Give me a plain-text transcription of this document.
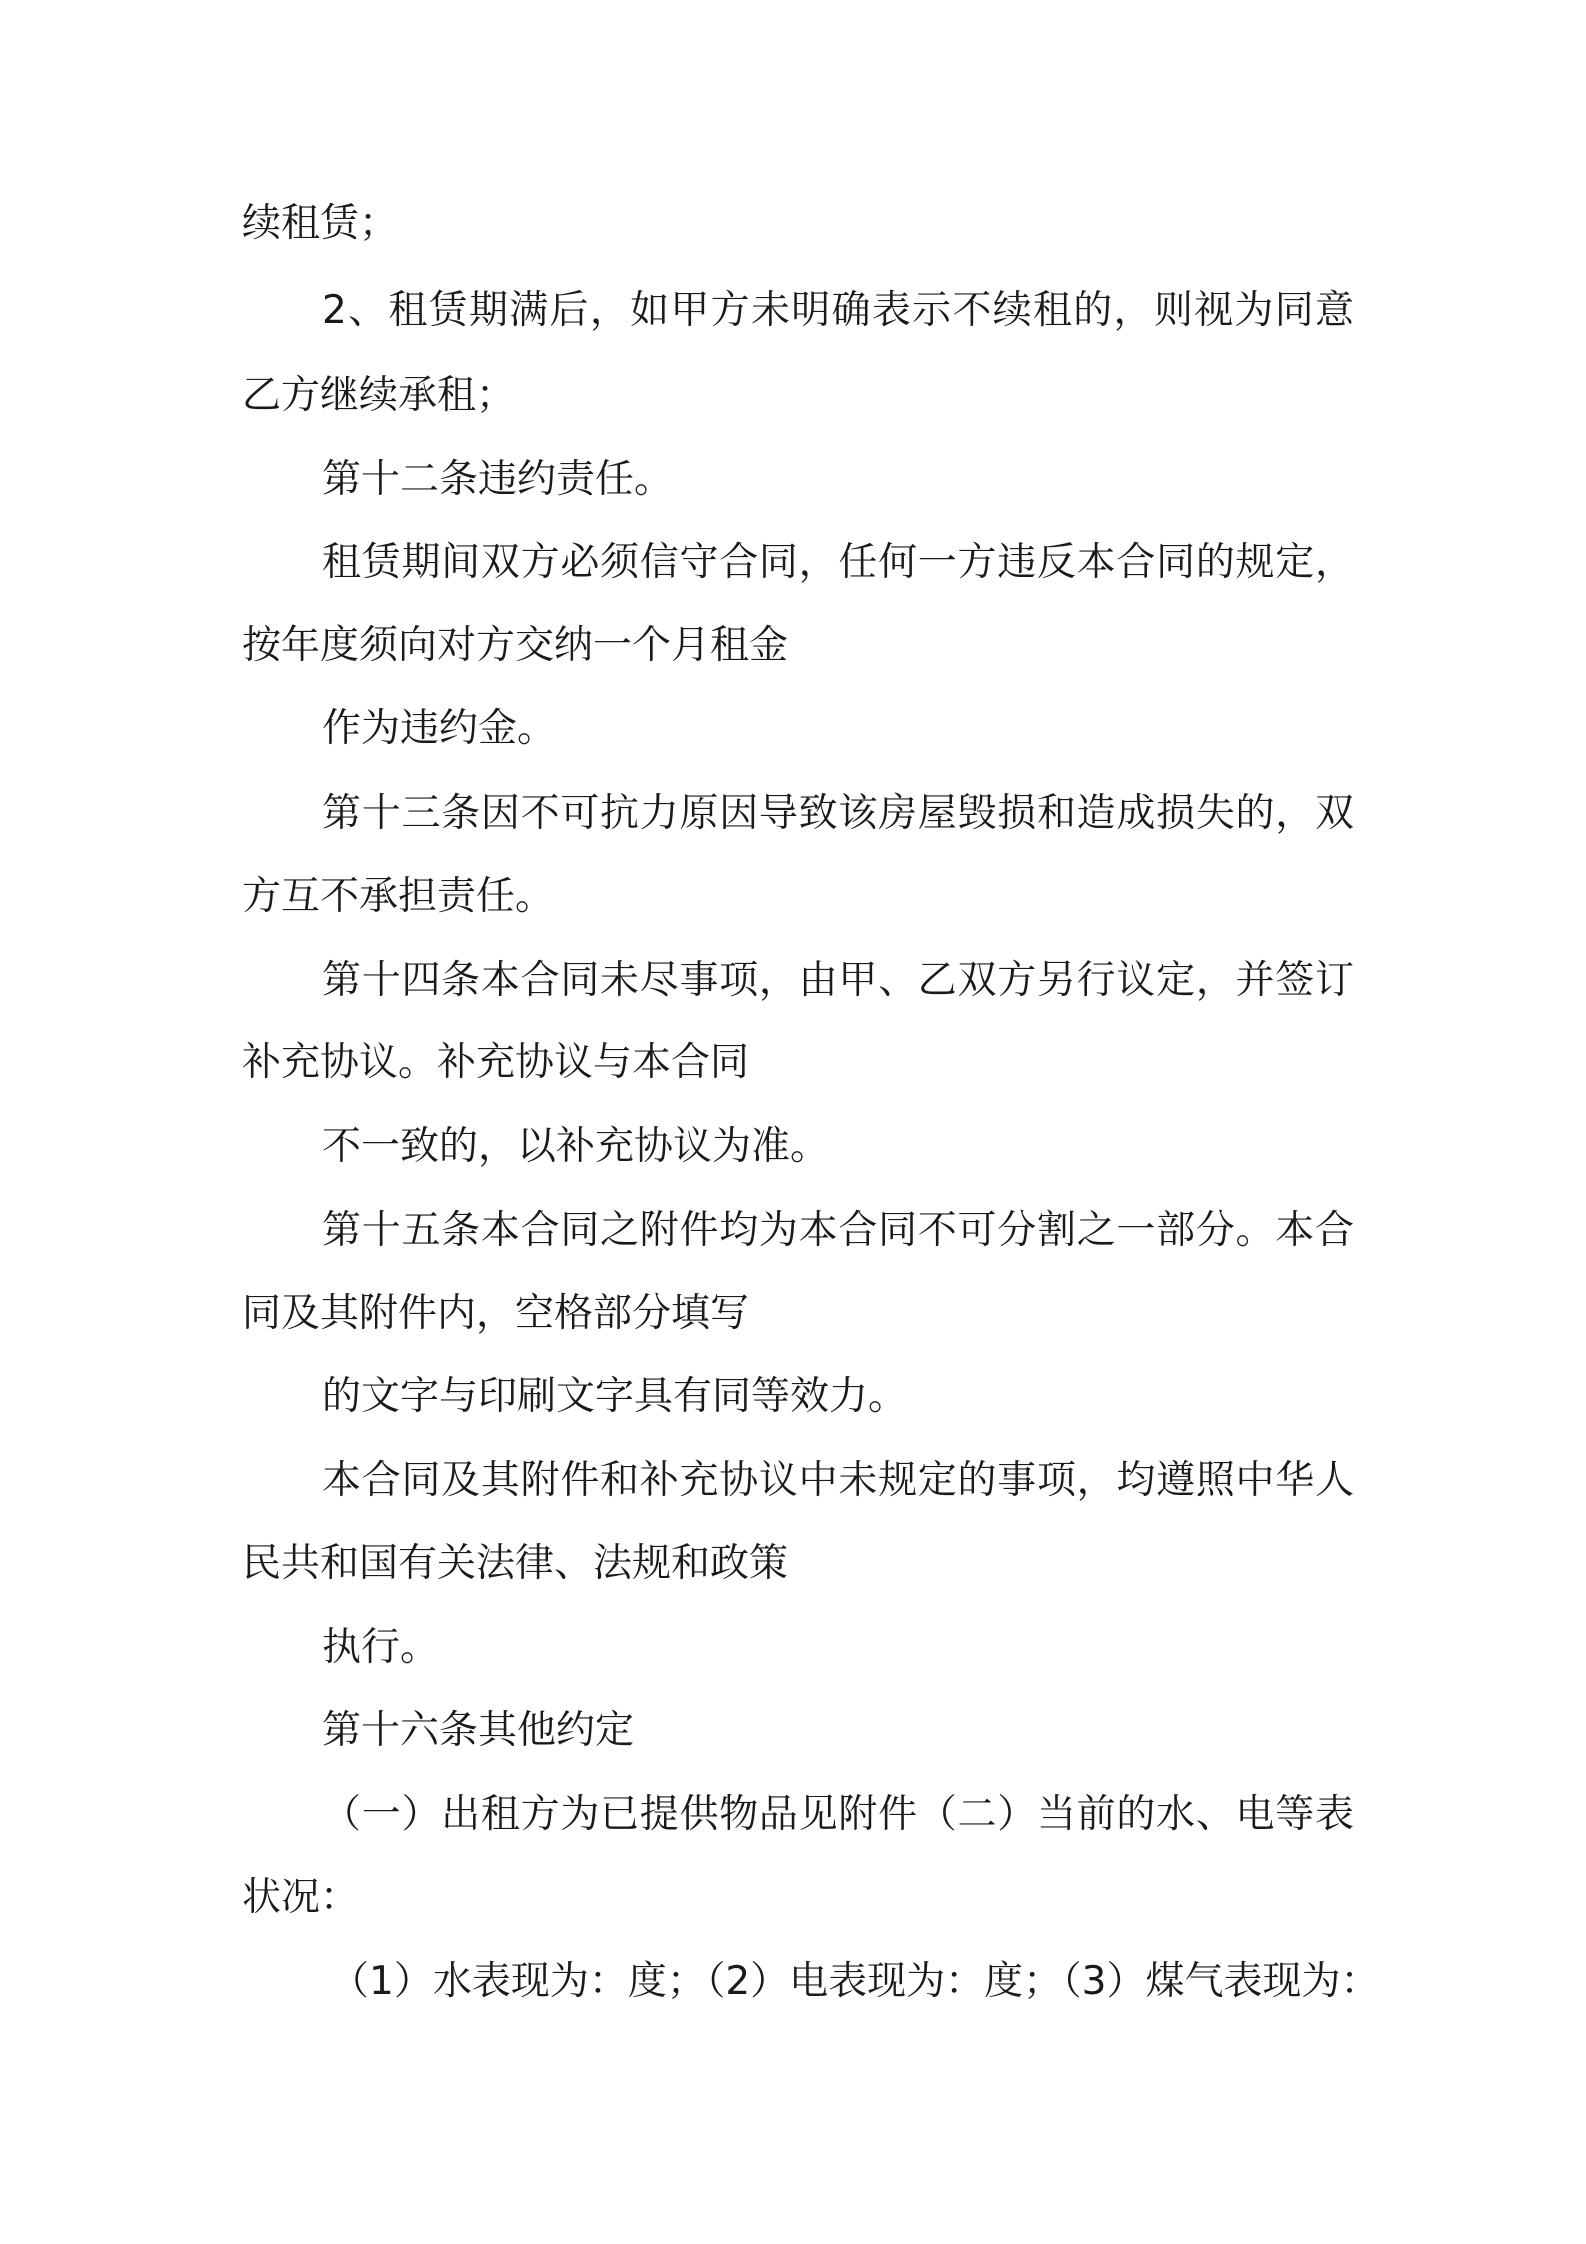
续租赁；
2、租赁期满后，如甲方未明确表示不续租的，则视为同意
乙方继续承租；
第十二条违约责任。
租赁期间双方必须信守合同，任何一方违反本合同的规定，
按年度须向对方交纳一个月租金
作为违约金。
第十三条因不可抗力原因导致该房屋毁损和造成损失的，双
方互不承担责任。
第十四条本合同未尽事项，由甲、乙双方另行议定，并签订
补充协议。补充协议与本合同
不一致的，以补充协议为准。
第十五条本合同之附件均为本合同不可分割之一部分。本合
同及其附件内，空格部分填写
的文字与印刷文字具有同等效力。
本合同及其附件和补充协议中未规定的事项，均遵照中华人
民共和国有关法律、法规和政策
执行。
第十六条其他约定
（一）出租方为已提供物品见附件（二）当前的水、电等表
状况：
（1）水表现为：度；（2）电表现为：度；（3）煤气表现为：
